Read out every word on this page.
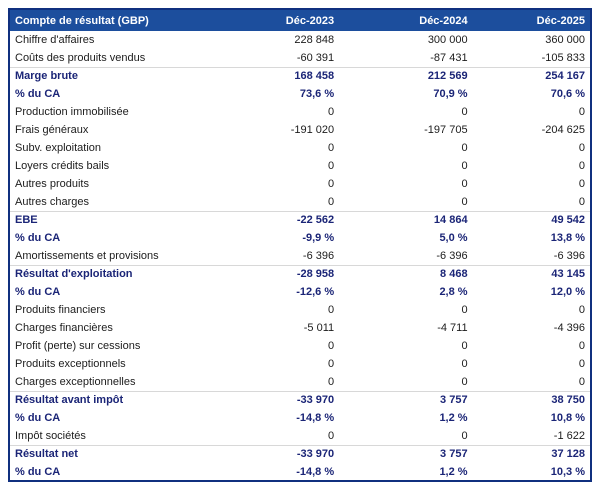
Compte de résultat (GBP)	Déc-2023	Déc-2024	Déc-2025
Chiffre d'affaires	228 848	300 000	360 000
Coûts des produits vendus	-60 391	-87 431	-105 833
Marge brute	168 458	212 569	254 167
% du CA	73,6 %	70,9 %	70,6 %
Production immobilisée	0	0	0
Frais généraux	-191 020	-197 705	-204 625
Subv. exploitation	0	0	0
Loyers crédits bails	0	0	0
Autres produits	0	0	0
Autres charges	0	0	0
EBE	-22 562	14 864	49 542
% du CA	-9,9 %	5,0 %	13,8 %
Amortissements et provisions	-6 396	-6 396	-6 396
Résultat d'exploitation	-28 958	8 468	43 145
% du CA	-12,6 %	2,8 %	12,0 %
Produits financiers	0	0	0
Charges financières	-5 011	-4 711	-4 396
Profit (perte) sur cessions	0	0	0
Produits exceptionnels	0	0	0
Charges exceptionnelles	0	0	0
Résultat avant impôt	-33 970	3 757	38 750
% du CA	-14,8 %	1,2 %	10,8 %
Impôt sociétés	0	0	-1 622
Résultat net	-33 970	3 757	37 128
% du CA	-14,8 %	1,2 %	10,3 %
